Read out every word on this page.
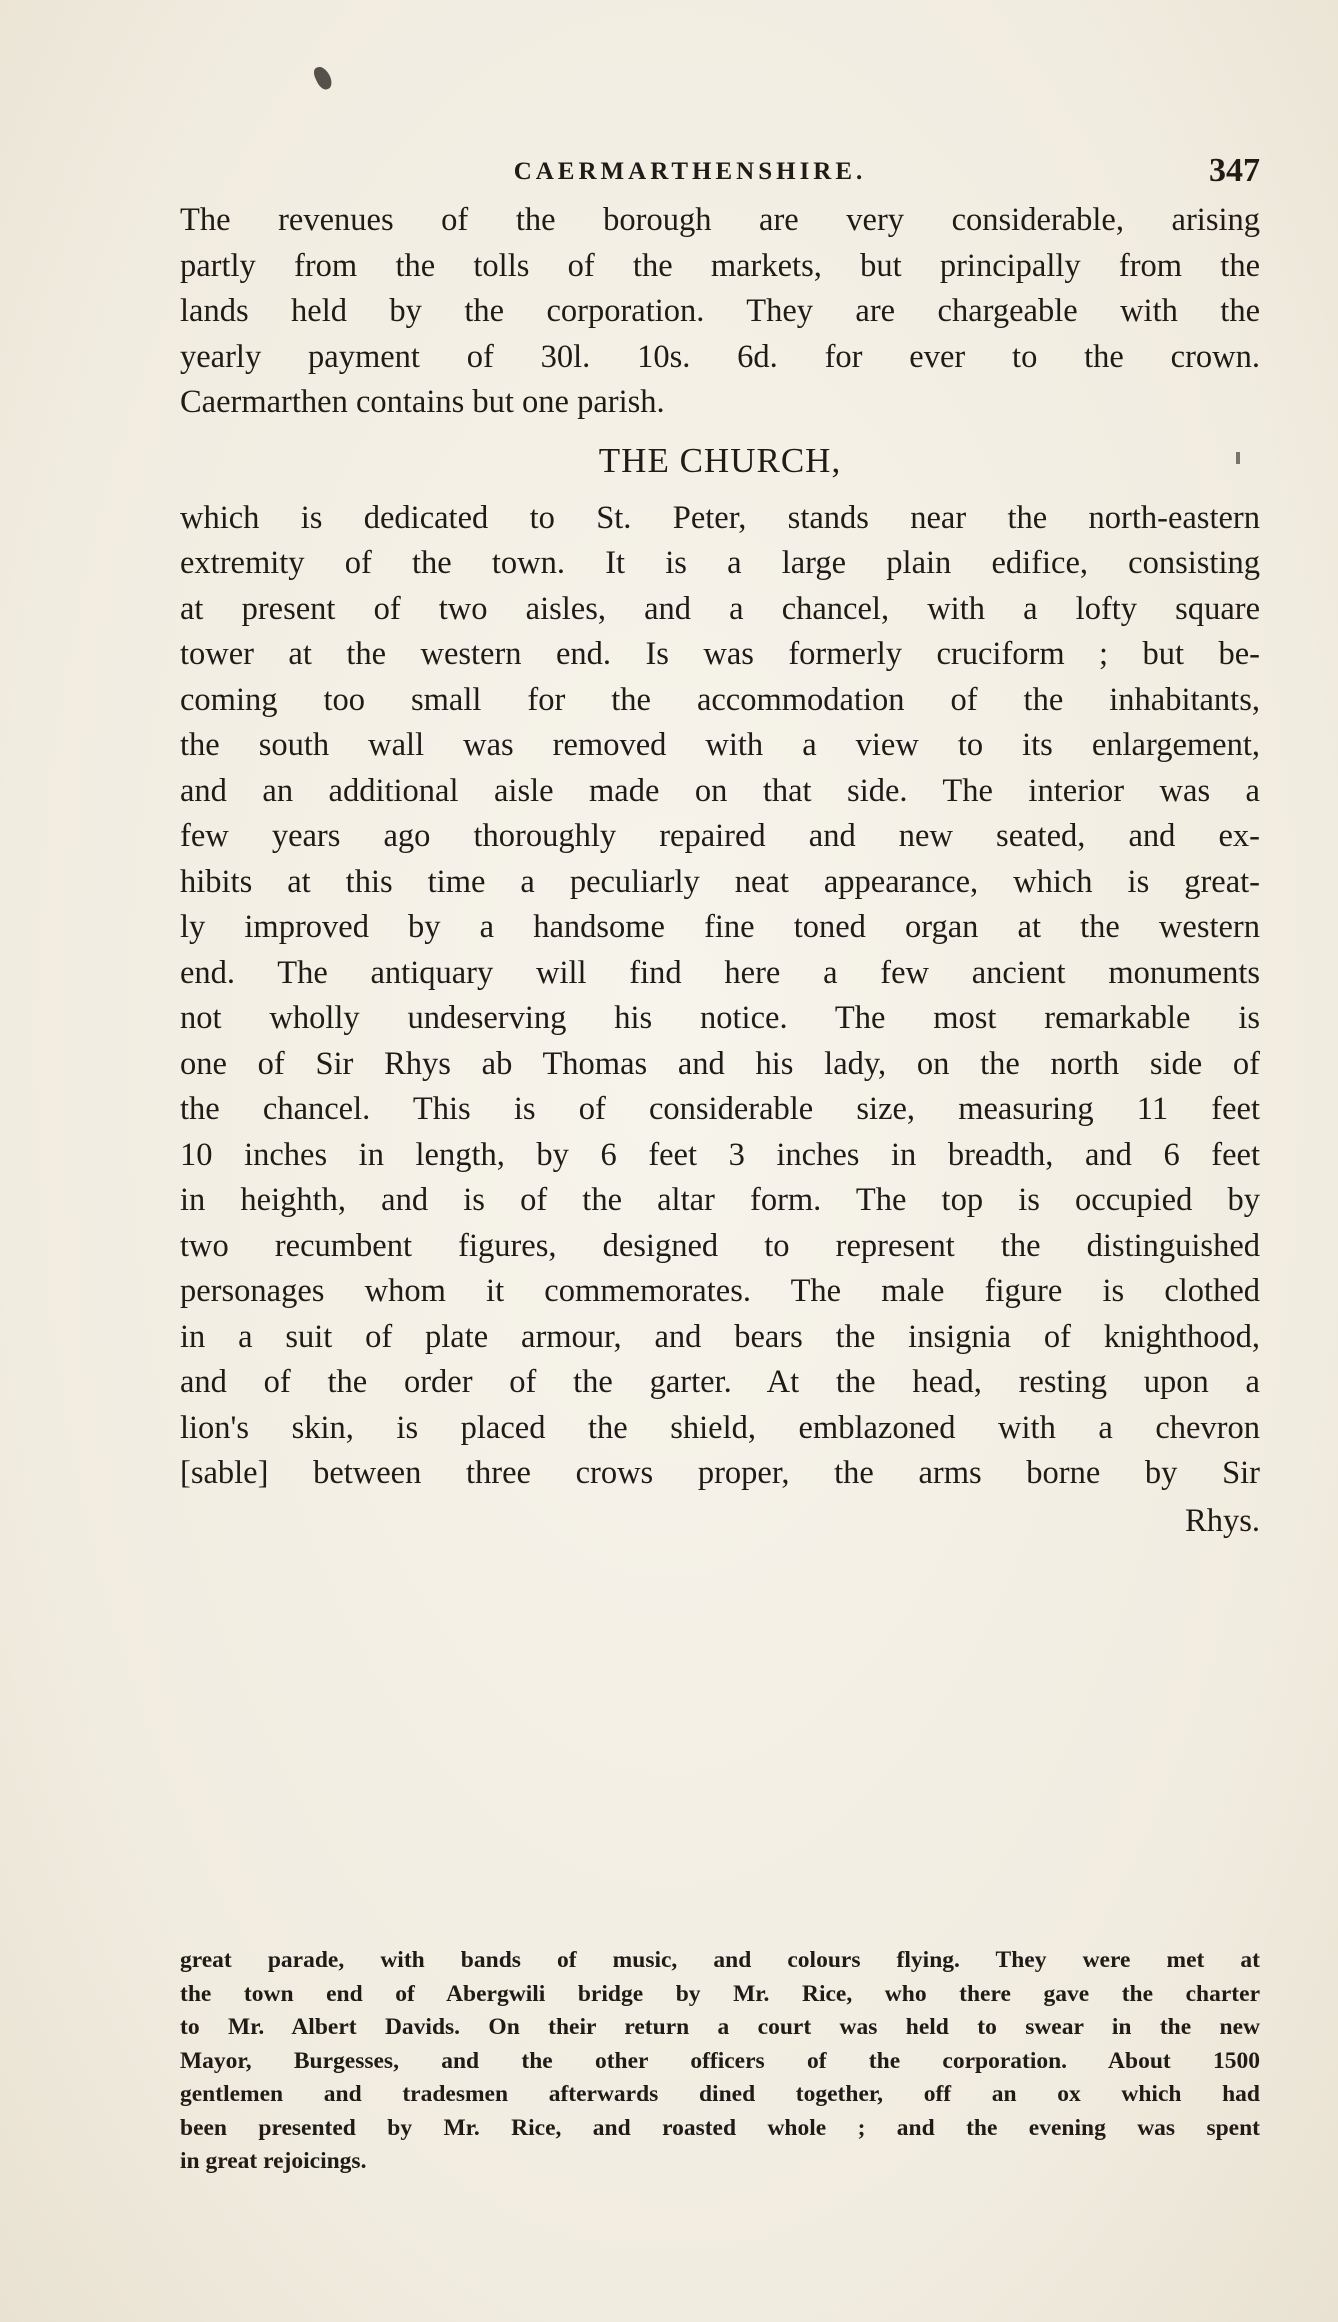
CAERMARTHENSHIRE.	347
The revenues of the borough are very considerable, arising
partly from the tolls of the markets, but principally from the
lands held by the corporation. They are chargeable with the
yearly payment of 30l. 10s. 6d. for ever to the crown.
Caermarthen contains but one parish.
THE CHURCH,
which is dedicated to St. Peter, stands near the north-eastern
extremity of the town. It is a large plain edifice, consisting
at present of two aisles, and a chancel, with a lofty square
tower at the western end. Is was formerly cruciform ; but be-
coming too small for the accommodation of the inhabitants,
the south wall was removed with a view to its enlargement,
and an additional aisle made on that side. The interior was a
few years ago thoroughly repaired and new seated, and ex-
hibits at this time a peculiarly neat appearance, which is great-
ly improved by a handsome fine toned organ at the western
end. The antiquary will find here a few ancient monuments
not wholly undeserving his notice. The most remarkable is
one of Sir Rhys ab Thomas and his lady, on the north side of
the chancel. This is of considerable size, measuring 11 feet
10 inches in length, by 6 feet 3 inches in breadth, and 6 feet
in heighth, and is of the altar form. The top is occupied by
two recumbent figures, designed to represent the distinguished
personages whom it commemorates. The male figure is clothed
in a suit of plate armour, and bears the insignia of knighthood,
and of the order of the garter. At the head, resting upon a
lion's skin, is placed the shield, emblazoned with a chevron
[sable] between three crows proper, the arms borne by Sir
Rhys.
great parade, with bands of music, and colours flying. They were met at
the town end of Abergwili bridge by Mr. Rice, who there gave the charter
to Mr. Albert Davids. On their return a court was held to swear in the new
Mayor, Burgesses, and the other officers of the corporation. About 1500
gentlemen and tradesmen afterwards dined together, off an ox which had
been presented by Mr. Rice, and roasted whole ; and the evening was spent
in great rejoicings.
